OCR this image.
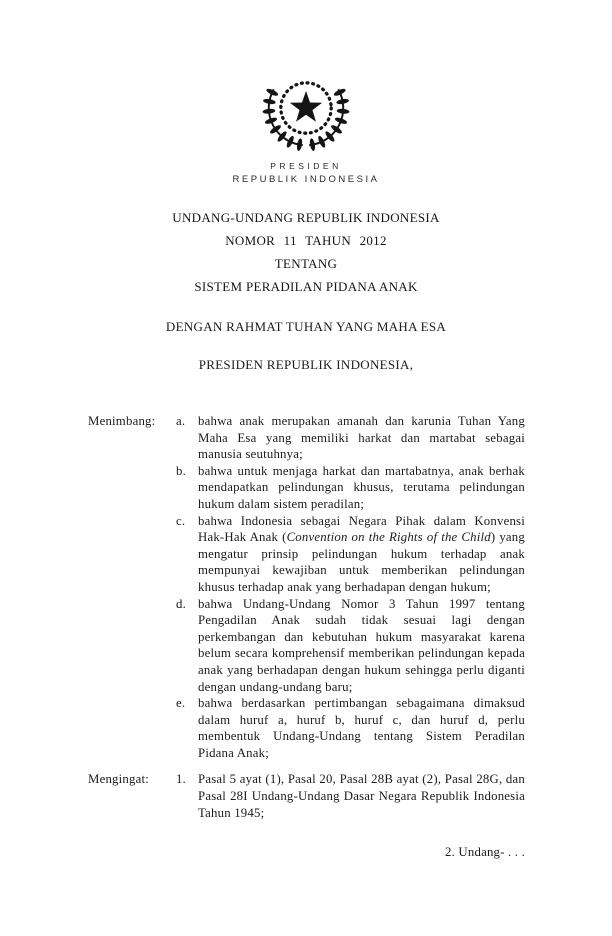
PRESIDEN
REPUBLIK INDONESIA
UNDANG-UNDANG REPUBLIK INDONESIA
NOMOR 11 TAHUN 2012
TENTANG
SISTEM PERADILAN PIDANA ANAK
DENGAN RAHMAT TUHAN YANG MAHA ESA
PRESIDEN REPUBLIK INDONESIA,
Menimbang:	a. bahwa anak merupakan amanah dan karunia Tuhan Yang Maha Esa yang memiliki harkat dan martabat sebagai manusia seutuhnya;
b. bahwa untuk menjaga harkat dan martabatnya, anak berhak mendapatkan pelindungan khusus, terutama pelindungan hukum dalam sistem peradilan;
c. bahwa Indonesia sebagai Negara Pihak dalam Konvensi Hak-Hak Anak (Convention on the Rights of the Child) yang mengatur prinsip pelindungan hukum terhadap anak mempunyai kewajiban untuk memberikan pelindungan khusus terhadap anak yang berhadapan dengan hukum;
d. bahwa Undang-Undang Nomor 3 Tahun 1997 tentang Pengadilan Anak sudah tidak sesuai lagi dengan perkembangan dan kebutuhan hukum masyarakat karena belum secara komprehensif memberikan pelindungan kepada anak yang berhadapan dengan hukum sehingga perlu diganti dengan undang-undang baru;
e. bahwa berdasarkan pertimbangan sebagaimana dimaksud dalam huruf a, huruf b, huruf c, dan huruf d, perlu membentuk Undang-Undang tentang Sistem Peradilan Pidana Anak;
Mengingat:	1. Pasal 5 ayat (1), Pasal 20, Pasal 28B ayat (2), Pasal 28G, dan Pasal 28I Undang-Undang Dasar Negara Republik Indonesia Tahun 1945;
2. Undang- . . .
